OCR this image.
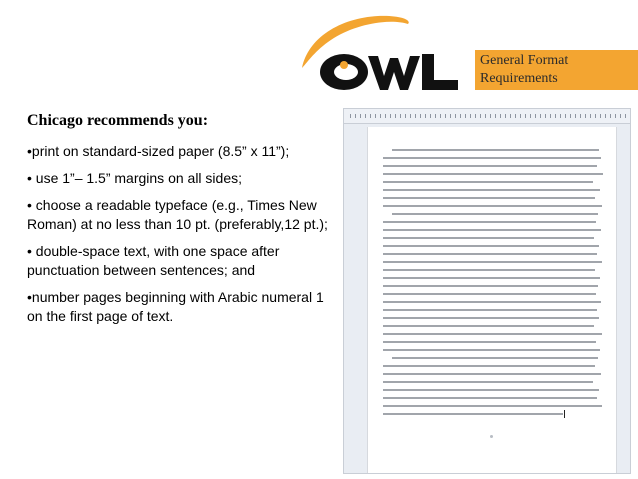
General Format
Requirements
Chicago recommends you:

•print on standard-sized paper (8.5” x 11”);

• use 1”– 1.5” margins on all sides;

• choose a readable typeface (e.g., Times New Roman) at no less than 10 pt. (preferably,12 pt.);

• double-space text, with one space after punctuation between sentences; and

•number pages beginning with Arabic numeral 1 on the first page of text.
